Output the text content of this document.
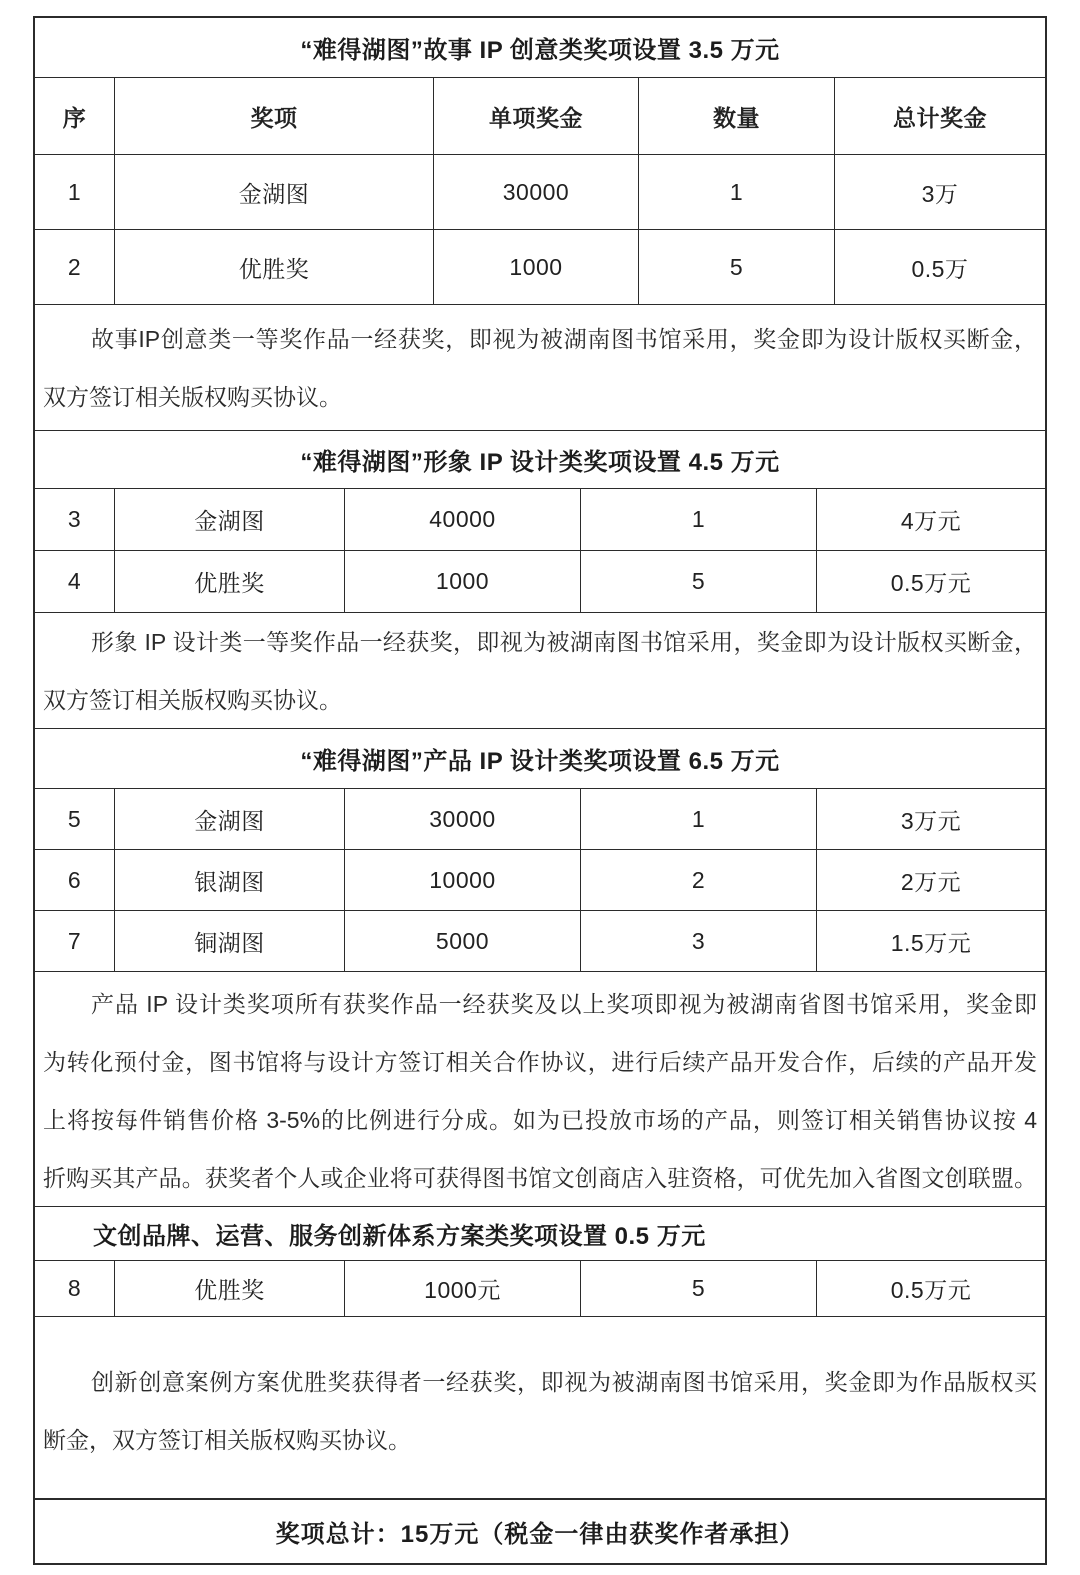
“难得湖图”故事 IP 创意类奖项设置 3.5 万元
序	奖项	单项奖金	数量	总计奖金
1	金湖图	30000	1	3万
2	优胜奖	1000	5	0.5万
故事IP创意类一等奖作品一经获奖，即视为被湖南图书馆采用，奖金即为设计版权买断金，
双方签订相关版权购买协议。
“难得湖图”形象 IP 设计类奖项设置 4.5 万元
3	金湖图	40000	1	4万元
4	优胜奖	1000	5	0.5万元
形象 IP 设计类一等奖作品一经获奖，即视为被湖南图书馆采用，奖金即为设计版权买断金，
双方签订相关版权购买协议。
“难得湖图”产品 IP 设计类奖项设置 6.5 万元
5	金湖图	30000	1	3万元
6	银湖图	10000	2	2万元
7	铜湖图	5000	3	1.5万元
产品 IP 设计类奖项所有获奖作品一经获奖及以上奖项即视为被湖南省图书馆采用，奖金即
为转化预付金，图书馆将与设计方签订相关合作协议，进行后续产品开发合作，后续的产品开发
上将按每件销售价格 3-5%的比例进行分成。如为已投放市场的产品，则签订相关销售协议按 4
折购买其产品。获奖者个人或企业将可获得图书馆文创商店入驻资格，可优先加入省图文创联盟。
文创品牌、运营、服务创新体系方案类奖项设置 0.5 万元
8	优胜奖	1000元	5	0.5万元
创新创意案例方案优胜奖获得者一经获奖，即视为被湖南图书馆采用，奖金即为作品版权买
断金，双方签订相关版权购买协议。
奖项总计：15万元（税金一律由获奖作者承担）
